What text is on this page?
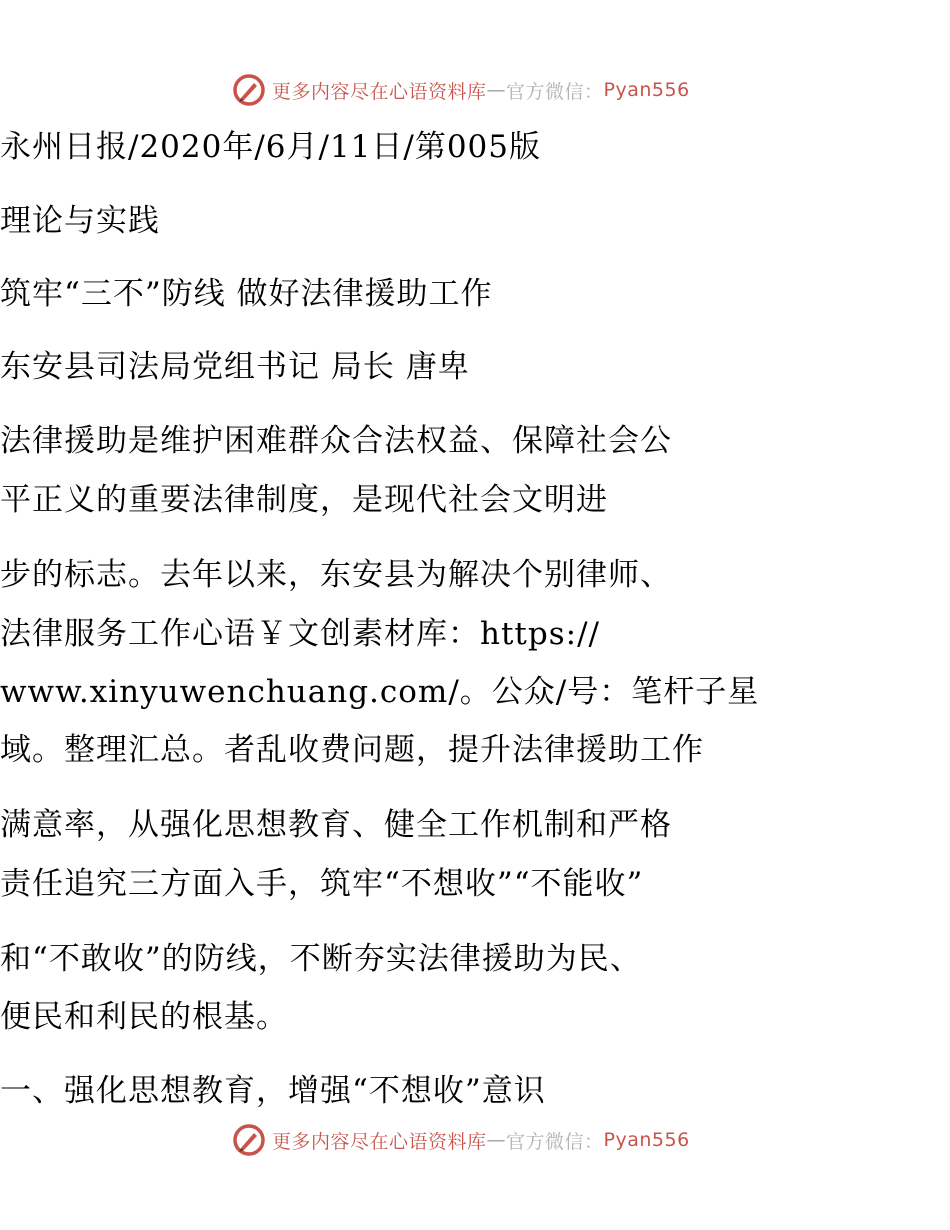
更多内容尽在心语资料库 — 官方微信： Pyan556
永州日报/2020年/6月/11日/第005版
理论与实践
筑牢“三不”防线 做好法律援助工作
东安县司法局党组书记 局长 唐卑
法律援助是维护困难群众合法权益、保障社会公
平正义的重要法律制度，是现代社会文明进
步的标志。去年以来，东安县为解决个别律师、
法律服务工作心语￥文创素材库：https://
www.xinyuwenchuang.com/。公众/号：笔杆子星
域。整理汇总。者乱收费问题，提升法律援助工作
满意率，从强化思想教育、健全工作机制和严格
责任追究三方面入手，筑牢“不想收”“不能收”
和“不敢收”的防线，不断夯实法律援助为民、
便民和利民的根基。
一、强化思想教育，增强“不想收”意识
更多内容尽在心语资料库 — 官方微信： Pyan556
